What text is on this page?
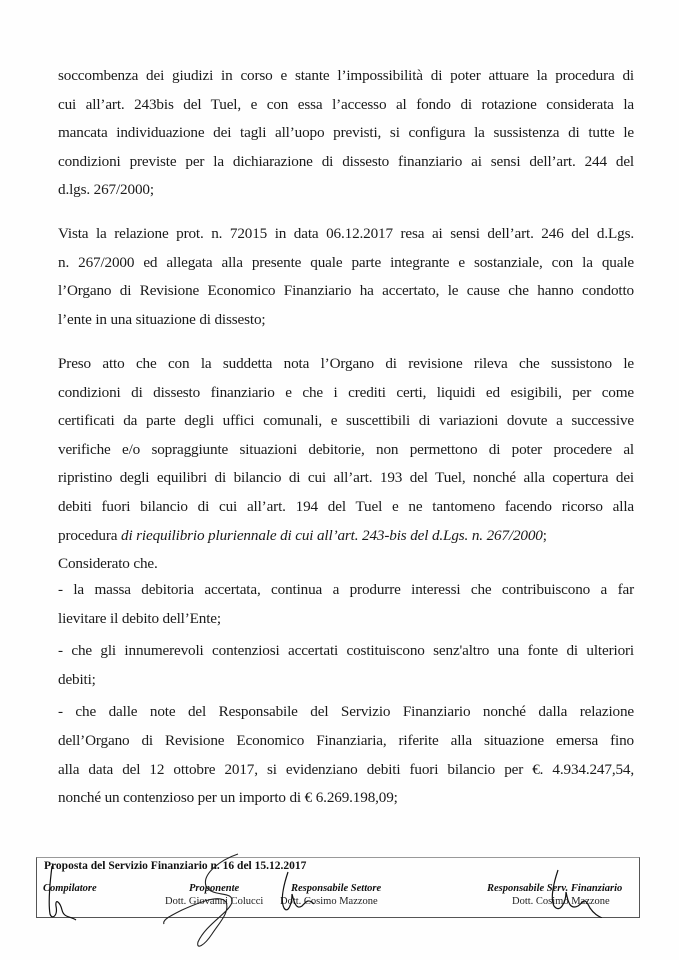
soccombenza dei giudizi in corso e stante l’impossibilità di poter attuare la procedura di
cui all’art. 243bis del Tuel, e con essa l’accesso al fondo di rotazione considerata la
mancata individuazione dei tagli all’uopo previsti, si configura la sussistenza di tutte le
condizioni previste per la dichiarazione di dissesto finanziario ai sensi dell’art. 244 del
d.lgs. 267/2000;
Vista la relazione prot. n. 72015 in data 06.12.2017 resa ai sensi dell’art. 246 del d.Lgs.
n. 267/2000 ed allegata alla presente quale parte integrante e sostanziale, con la quale
l’Organo di Revisione Economico Finanziario ha accertato, le cause che hanno condotto
l’ente in una situazione di dissesto;
Preso atto che con la suddetta nota l’Organo di revisione rileva che sussistono le
condizioni di dissesto finanziario e che i crediti certi, liquidi ed esigibili, per come
certificati da parte degli uffici comunali, e suscettibili di variazioni dovute a successive
verifiche e/o sopraggiunte situazioni debitorie, non permettono di poter procedere al
ripristino degli equilibri di bilancio di cui all’art. 193 del Tuel, nonché alla copertura dei
debiti fuori bilancio di cui all’art. 194 del Tuel e ne tantomeno facendo ricorso alla
procedura di riequilibrio pluriennale di cui all’art. 243-bis del d.Lgs. n. 267/2000;
Considerato che.
- la massa debitoria accertata, continua a produrre interessi che contribuiscono a far
lievitare il debito dell’Ente;
- che gli innumerevoli contenziosi accertati costituiscono senz'altro una fonte di ulteriori
debiti;
- che dalle note del Responsabile del Servizio Finanziario nonché dalla relazione
dell’Organo di Revisione Economico Finanziaria, riferite alla situazione emersa fino
alla data del 12 ottobre 2017, si evidenziano debiti fuori bilancio per €. 4.934.247,54,
nonché un contenzioso per un importo di € 6.269.198,09;
Proposta del Servizio Finanziario n. 16 del 15.12.2017
Compilatore	Proponente
Dott. Giovanni Colucci
Responsabile Settore
Dott. Cosimo Mazzone
Responsabile Serv. Finanziario
Dott. Cosimo Mazzone
